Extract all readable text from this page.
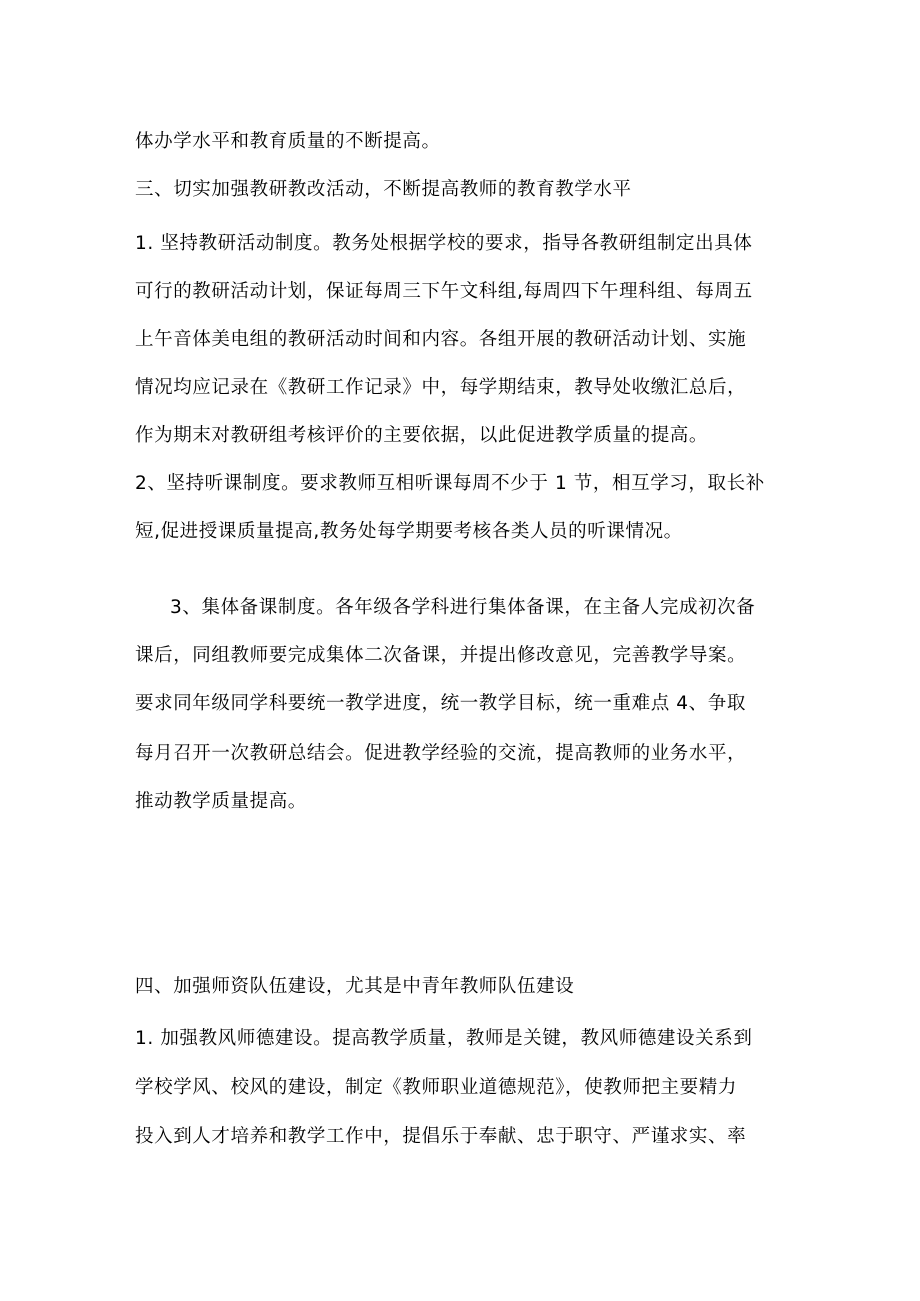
体办学水平和教育质量的不断提高。
三、切实加强教研教改活动，不断提高教师的教育教学水平
1. 坚持教研活动制度。教务处根据学校的要求，指导各教研组制定出具体
可行的教研活动计划，保证每周三下午文科组,每周四下午理科组、每周五
上午音体美电组的教研活动时间和内容。各组开展的教研活动计划、实施
情况均应记录在《教研工作记录》中，每学期结束，教导处收缴汇总后，
作为期末对教研组考核评价的主要依据，以此促进教学质量的提高。
2、坚持听课制度。要求教师互相听课每周不少于 1 节，相互学习，取长补
短,促进授课质量提高,教务处每学期要考核各类人员的听课情况。
3、集体备课制度。各年级各学科进行集体备课，在主备人完成初次备
课后，同组教师要完成集体二次备课，并提出修改意见，完善教学导案。
要求同年级同学科要统一教学进度，统一教学目标，统一重难点 4、争取
每月召开一次教研总结会。促进教学经验的交流，提高教师的业务水平，
推动教学质量提高。
四、加强师资队伍建设，尤其是中青年教师队伍建设
1. 加强教风师德建设。提高教学质量，教师是关键，教风师德建设关系到
学校学风、校风的建设，制定《教师职业道德规范》，使教师把主要精力
投入到人才培养和教学工作中，提倡乐于奉献、忠于职守、严谨求实、率
